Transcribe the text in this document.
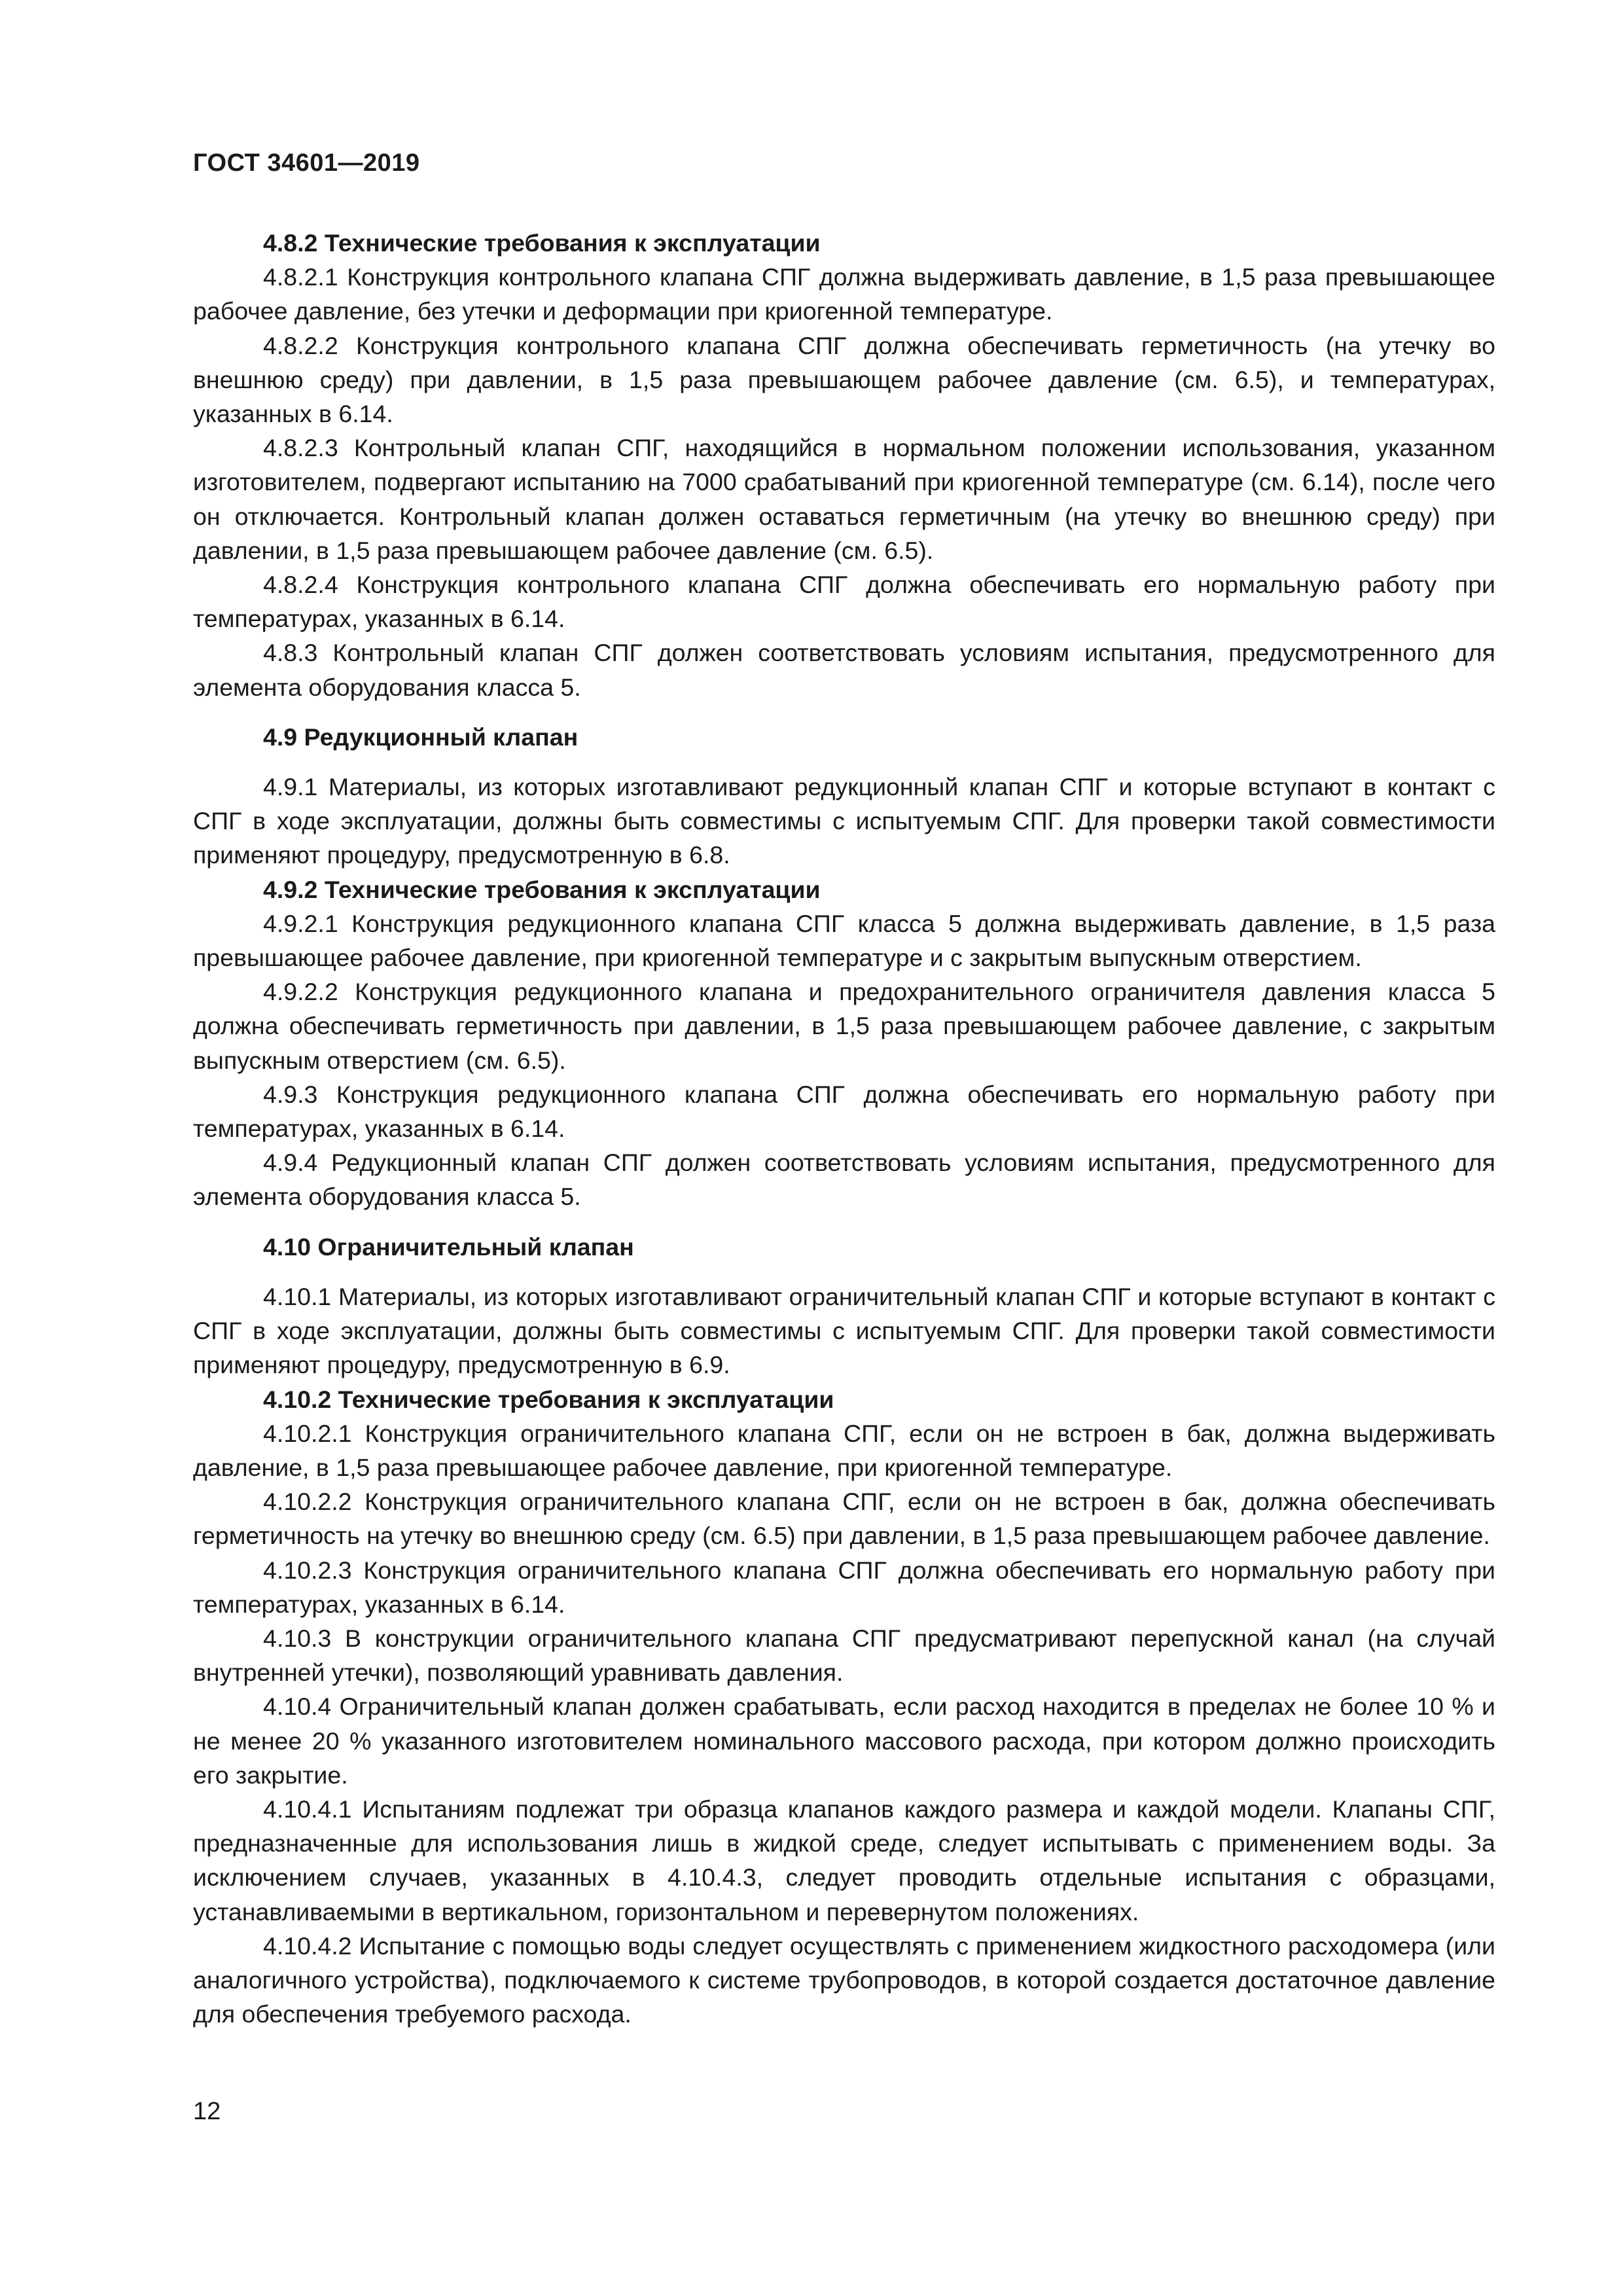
ГОСТ 34601—2019
4.8.2 Технические требования к эксплуатации

4.8.2.1 Конструкция контрольного клапана СПГ должна выдерживать давление, в 1,5 раза превышающее рабочее давление, без утечки и деформации при криогенной температуре.

4.8.2.2 Конструкция контрольного клапана СПГ должна обеспечивать герметичность (на утечку во внешнюю среду) при давлении, в 1,5 раза превышающем рабочее давление (см. 6.5), и температурах, указанных в 6.14.

4.8.2.3 Контрольный клапан СПГ, находящийся в нормальном положении использования, указанном изготовителем, подвергают испытанию на 7000 срабатываний при криогенной температуре (см. 6.14), после чего он отключается. Контрольный клапан должен оставаться герметичным (на утечку во внешнюю среду) при давлении, в 1,5 раза превышающем рабочее давление (см. 6.5).

4.8.2.4 Конструкция контрольного клапана СПГ должна обеспечивать его нормальную работу при температурах, указанных в 6.14.

4.8.3 Контрольный клапан СПГ должен соответствовать условиям испытания, предусмотренного для элемента оборудования класса 5.

4.9 Редукционный клапан

4.9.1 Материалы, из которых изготавливают редукционный клапан СПГ и которые вступают в контакт с СПГ в ходе эксплуатации, должны быть совместимы с испытуемым СПГ. Для проверки такой совместимости применяют процедуру, предусмотренную в 6.8.

4.9.2 Технические требования к эксплуатации

4.9.2.1 Конструкция редукционного клапана СПГ класса 5 должна выдерживать давление, в 1,5 раза превышающее рабочее давление, при криогенной температуре и с закрытым выпускным отверстием.

4.9.2.2 Конструкция редукционного клапана и предохранительного ограничителя давления класса 5 должна обеспечивать герметичность при давлении, в 1,5 раза превышающем рабочее давление, с закрытым выпускным отверстием (см. 6.5).

4.9.3 Конструкция редукционного клапана СПГ должна обеспечивать его нормальную работу при температурах, указанных в 6.14.

4.9.4 Редукционный клапан СПГ должен соответствовать условиям испытания, предусмотренного для элемента оборудования класса 5.

4.10 Ограничительный клапан

4.10.1 Материалы, из которых изготавливают ограничительный клапан СПГ и которые вступают в контакт с СПГ в ходе эксплуатации, должны быть совместимы с испытуемым СПГ. Для проверки такой совместимости применяют процедуру, предусмотренную в 6.9.

4.10.2 Технические требования к эксплуатации

4.10.2.1 Конструкция ограничительного клапана СПГ, если он не встроен в бак, должна выдерживать давление, в 1,5 раза превышающее рабочее давление, при криогенной температуре.

4.10.2.2 Конструкция ограничительного клапана СПГ, если он не встроен в бак, должна обеспечивать герметичность на утечку во внешнюю среду (см. 6.5) при давлении, в 1,5 раза превышающем рабочее давление.

4.10.2.3 Конструкция ограничительного клапана СПГ должна обеспечивать его нормальную работу при температурах, указанных в 6.14.

4.10.3 В конструкции ограничительного клапана СПГ предусматривают перепускной канал (на случай внутренней утечки), позволяющий уравнивать давления.

4.10.4 Ограничительный клапан должен срабатывать, если расход находится в пределах не более 10 % и не менее 20 % указанного изготовителем номинального массового расхода, при котором должно происходить его закрытие.

4.10.4.1 Испытаниям подлежат три образца клапанов каждого размера и каждой модели. Клапаны СПГ, предназначенные для использования лишь в жидкой среде, следует испытывать с применением воды. За исключением случаев, указанных в 4.10.4.3, следует проводить отдельные испытания с образцами, устанавливаемыми в вертикальном, горизонтальном и перевернутом положениях.

4.10.4.2 Испытание с помощью воды следует осуществлять с применением жидкостного расходомера (или аналогичного устройства), подключаемого к системе трубопроводов, в которой создается достаточное давление для обеспечения требуемого расхода.

12
